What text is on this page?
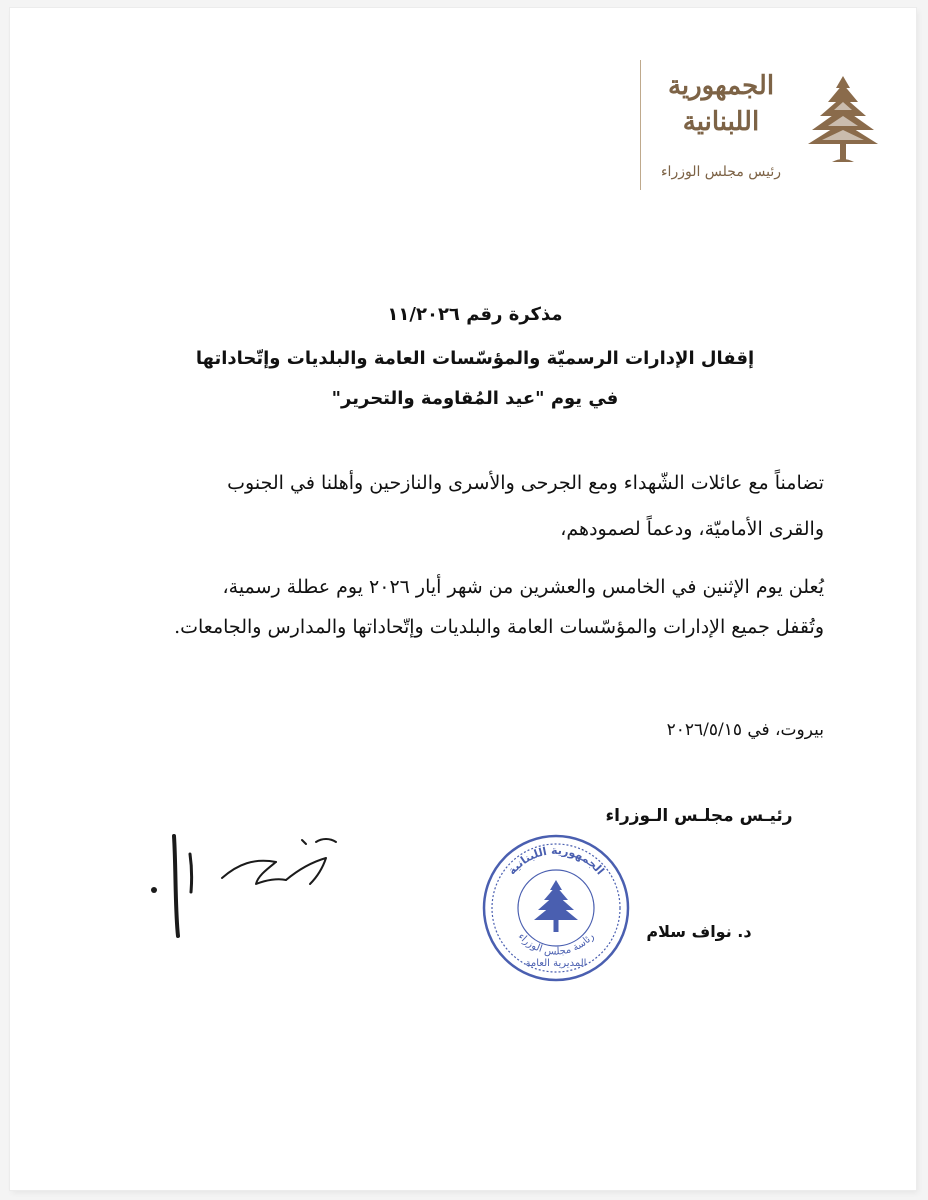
الجمهورية
اللبنانية
رئيس مجلس الوزراء
مذكرة رقم ١١/٢٠٢٦
إقفال الإدارات الرسميّة والمؤسّسات العامة والبلديات وإتّحاداتها
في يوم "عيد المُقاومة والتحرير"
تضامناً مع عائلات الشّهداء ومع الجرحى والأسرى والنازحين وأهلنا في الجنوب
والقرى الأماميّة، ودعماً لصمودهم،
يُعلن يوم الإثنين في الخامس والعشرين من شهر أيار ٢٠٢٦ يوم عطلة رسمية،
وتُقفل جميع الإدارات والمؤسّسات العامة والبلديات وإتّحاداتها والمدارس والجامعات.
بيروت، في ٢٠٢٦/٥/١٥
رئيـس مجلـس الـوزراء
د. نواف سلام
الجمهورية اللبنانية
رئاسة مجلس الوزراء
المديرية العامة
